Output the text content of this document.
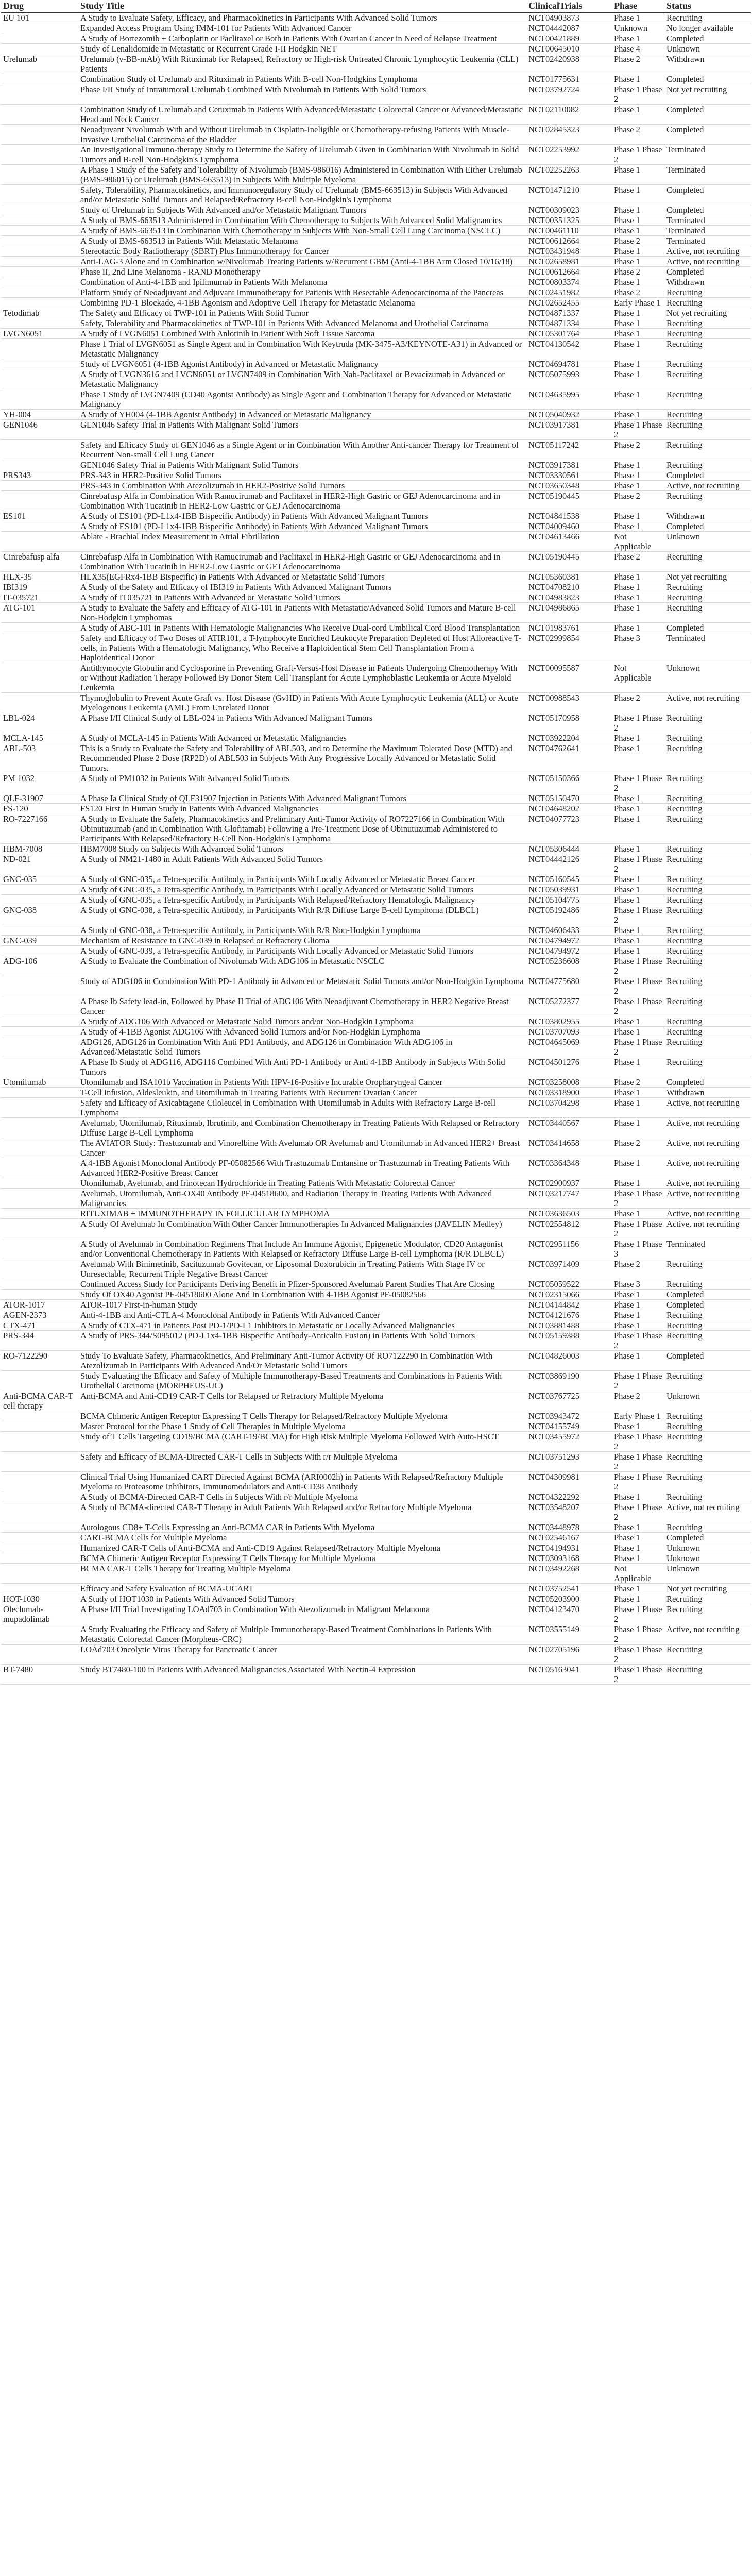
Drug	Study Title	ClinicalTrials	Phase	Status
EU 101	A Study to Evaluate Safety, Efficacy, and Pharmacokinetics in Participants With Advanced Solid Tumors	NCT04903873	Phase 1	Recruiting
	Expanded Access Program Using IMM-101 for Patients With Advanced Cancer	NCT04442087	Unknown	No longer available
	A Study of Bortezomib + Carboplatin or Paclitaxel or Both in Patients With Ovarian Cancer in Need of Relapse Treatment	NCT00421889	Phase 1	Completed
	Study of Lenalidomide in Metastatic or Recurrent Grade I-II Hodgkin NET	NCT00645010	Phase 4	Unknown
Urelumab	Urelumab (ν-BB-mAb) With Rituximab for Relapsed, Refractory or High-risk Untreated Chronic Lymphocytic Leukemia (CLL) Patients	NCT02420938	Phase 2	Withdrawn
	Combination Study of Urelumab and Rituximab in Patients With B-cell Non-Hodgkins Lymphoma	NCT01775631	Phase 1	Completed
	Phase I/II Study of Intratumoral Urelumab Combined With Nivolumab in Patients With Solid Tumors	NCT03792724	Phase 1 Phase 2	Not yet recruiting
	Combination Study of Urelumab and Cetuximab in Patients With Advanced/Metastatic Colorectal Cancer or Advanced/Metastatic Head and Neck Cancer	NCT02110082	Phase 1	Completed
	Neoadjuvant Nivolumab With and Without Urelumab in Cisplatin-Ineligible or Chemotherapy-refusing Patients With Muscle-Invasive Urothelial Carcinoma of the Bladder	NCT02845323	Phase 2	Completed
	An Investigational Immuno-therapy Study to Determine the Safety of Urelumab Given in Combination With Nivolumab in Solid Tumors and B-cell Non-Hodgkin's Lymphoma	NCT02253992	Phase 1 Phase 2	Terminated
	A Phase 1 Study of the Safety and Tolerability of Nivolumab (BMS-986016) Administered in Combination With Either Urelumab (BMS-986015) or Urelumab (BMS-663513) in Subjects With Multiple Myeloma	NCT02252263	Phase 1	Terminated
	Safety, Tolerability, Pharmacokinetics, and Immunoregulatory Study of Urelumab (BMS-663513) in Subjects With Advanced and/or Metastatic Solid Tumors and Relapsed/Refractory B-cell Non-Hodgkin's Lymphoma	NCT01471210	Phase 1	Completed
	Study of Urelumab in Subjects With Advanced and/or Metastatic Malignant Tumors	NCT00309023	Phase 1	Completed
	A Study of BMS-663513 Administered in Combination With Chemotherapy to Subjects With Advanced Solid Malignancies	NCT00351325	Phase 1	Terminated
	A Study of BMS-663513 in Combination With Chemotherapy in Subjects With Non-Small Cell Lung Carcinoma (NSCLC)	NCT00461110	Phase 1	Terminated
	A Study of BMS-663513 in Patients With Metastatic Melanoma	NCT00612664	Phase 2	Terminated
	Stereotactic Body Radiotherapy (SBRT) Plus Immunotherapy for Cancer	NCT03431948	Phase 1	Active, not recruiting
	Anti-LAG-3 Alone and in Combination w/Nivolumab Treating Patients w/Recurrent GBM (Anti-4-1BB Arm Closed 10/16/18)	NCT02658981	Phase 1	Active, not recruiting
	Phase II, 2nd Line Melanoma - RAND Monotherapy	NCT00612664	Phase 2	Completed
	Combination of Anti-4-1BB and Ipilimumab in Patients With Melanoma	NCT00803374	Phase 1	Withdrawn
	Platform Study of Neoadjuvant and Adjuvant Immunotherapy for Patients With Resectable Adenocarcinoma of the Pancreas	NCT02451982	Phase 2	Recruiting
	Combining PD-1 Blockade, 4-1BB Agonism and Adoptive Cell Therapy for Metastatic Melanoma	NCT02652455	Early Phase 1	Recruiting
Tetodimab	The Safety and Efficacy of TWP-101 in Patients With Solid Tumor	NCT04871337	Phase 1	Not yet recruiting
	Safety, Tolerability and Pharmacokinetics of TWP-101 in Patients With Advanced Melanoma and Urothelial Carcinoma	NCT04871334	Phase 1	Recruiting
LVGN6051	A Study of LVGN6051 Combined With Anlotinib in Patient With Soft Tissue Sarcoma	NCT05301764	Phase 1	Recruiting
	Phase 1 Trial of LVGN6051 as Single Agent and in Combination With Keytruda (MK-3475-A3/KEYNOTE-A31) in Advanced or Metastatic Malignancy	NCT04130542	Phase 1	Recruiting
	Study of LVGN6051 (4-1BB Agonist Antibody) in Advanced or Metastatic Malignancy	NCT04694781	Phase 1	Recruiting
	A Study of LVGN3616 and LVGN6051 or LVGN7409 in Combination With Nab-Paclitaxel or Bevacizumab in Advanced or Metastatic Malignancy	NCT05075993	Phase 1	Recruiting
	Phase 1 Study of LVGN7409 (CD40 Agonist Antibody) as Single Agent and Combination Therapy for Advanced or Metastatic Malignancy	NCT04635995	Phase 1	Recruiting
YH-004	A Study of YH004 (4-1BB Agonist Antibody) in Advanced or Metastatic Malignancy	NCT05040932	Phase 1	Recruiting
GEN1046	GEN1046 Safety Trial in Patients With Malignant Solid Tumors	NCT03917381	Phase 1 Phase 2	Recruiting
	Safety and Efficacy Study of GEN1046 as a Single Agent or in Combination With Another Anti-cancer Therapy for Treatment of Recurrent Non-small Cell Lung Cancer	NCT05117242	Phase 2	Recruiting
	GEN1046 Safety Trial in Patients With Malignant Solid Tumors	NCT03917381	Phase 1	Recruiting
PRS343	PRS-343 in HER2-Positive Solid Tumors	NCT03330561	Phase 1	Completed
	PRS-343 in Combination With Atezolizumab in HER2-Positive Solid Tumors	NCT03650348	Phase 1	Active, not recruiting
	Cinrebafusp Alfa in Combination With Ramucirumab and Paclitaxel in HER2-High Gastric or GEJ Adenocarcinoma and in Combination With Tucatinib in HER2-Low Gastric or GEJ Adenocarcinoma	NCT05190445	Phase 2	Recruiting
ES101	A Study of ES101 (PD-L1x4-1BB Bispecific Antibody) in Patients With Advanced Malignant Tumors	NCT04841538	Phase 1	Withdrawn
	A Study of ES101 (PD-L1x4-1BB Bispecific Antibody) in Patients With Advanced Malignant Tumors	NCT04009460	Phase 1	Completed
	Ablate - Brachial Index Measurement in Atrial Fibrillation	NCT04613466	Not Applicable	Unknown
Cinrebafusp alfa	Cinrebafusp Alfa in Combination With Ramucirumab and Paclitaxel in HER2-High Gastric or GEJ Adenocarcinoma and in Combination With Tucatinib in HER2-Low Gastric or GEJ Adenocarcinoma	NCT05190445	Phase 2	Recruiting
HLX-35	HLX35(EGFRx4-1BB Bispecific) in Patients With Advanced or Metastatic Solid Tumors	NCT05360381	Phase 1	Not yet recruiting
IBI319	A Study of the Safety and Efficacy of IBI319 in Patients With Advanced Malignant Tumors	NCT04708210	Phase 1	Recruiting
IT-035721	A Study of IT035721 in Patients With Advanced or Metastatic Solid Tumors	NCT04983823	Phase 1	Recruiting
ATG-101	A Study to Evaluate the Safety and Efficacy of ATG-101 in Patients With Metastatic/Advanced Solid Tumors and Mature B-cell Non-Hodgkin Lymphomas	NCT04986865	Phase 1	Recruiting
	A Study of ABC-101 in Patients With Hematologic Malignancies Who Receive Dual-cord Umbilical Cord Blood Transplantation	NCT01983761	Phase 1	Completed
	Safety and Efficacy of Two Doses of ATIR101, a T-lymphocyte Enriched Leukocyte Preparation Depleted of Host Alloreactive T-cells, in Patients With a Hematologic Malignancy, Who Receive a Haploidentical Stem Cell Transplantation From a Haploidentical Donor	NCT02999854	Phase 3	Terminated
	Antithymocyte Globulin and Cyclosporine in Preventing Graft-Versus-Host Disease in Patients Undergoing Chemotherapy With or Without Radiation Therapy Followed By Donor Stem Cell Transplant for Acute Lymphoblastic Leukemia or Acute Myeloid Leukemia	NCT00095587	Not Applicable	Unknown
	Thymoglobulin to Prevent Acute Graft vs. Host Disease (GvHD) in Patients With Acute Lymphocytic Leukemia (ALL) or Acute Myelogenous Leukemia (AML) From Unrelated Donor	NCT00988543	Phase 2	Active, not recruiting
LBL-024	A Phase I/II Clinical Study of LBL-024 in Patients With Advanced Malignant Tumors	NCT05170958	Phase 1 Phase 2	Recruiting
MCLA-145	A Study of MCLA-145 in Patients With Advanced or Metastatic Malignancies	NCT03922204	Phase 1	Recruiting
ABL-503	This is a Study to Evaluate the Safety and Tolerability of ABL503, and to Determine the Maximum Tolerated Dose (MTD) and Recommended Phase 2 Dose (RP2D) of ABL503 in Subjects With Any Progressive Locally Advanced or Metastatic Solid Tumors.	NCT04762641	Phase 1	Recruiting
PM 1032	A Study of PM1032 in Patients With Advanced Solid Tumors	NCT05150366	Phase 1 Phase 2	Recruiting
QLF-31907	A Phase Ia Clinical Study of QLF31907 Injection in Patients With Advanced Malignant Tumors	NCT05150470	Phase 1	Recruiting
FS-120	FS120 First in Human Study in Patients With Advanced Malignancies	NCT04648202	Phase 1	Recruiting
RO-7227166	A Study to Evaluate the Safety, Pharmacokinetics and Preliminary Anti-Tumor Activity of RO7227166 in Combination With Obinutuzumab (and in Combination With Glofitamab) Following a Pre-Treatment Dose of Obinutuzumab Administered to Participants With Relapsed/Refractory B-Cell Non-Hodgkin's Lymphoma	NCT04077723	Phase 1	Recruiting
HBM-7008	HBM7008 Study on Subjects With Advanced Solid Tumors	NCT05306444	Phase 1	Recruiting
ND-021	A Study of NM21-1480 in Adult Patients With Advanced Solid Tumors	NCT04442126	Phase 1 Phase 2	Recruiting
GNC-035	A Study of GNC-035, a Tetra-specific Antibody, in Participants With Locally Advanced or Metastatic Breast Cancer	NCT05160545	Phase 1	Recruiting
	A Study of GNC-035, a Tetra-specific Antibody, in Participants With Locally Advanced or Metastatic Solid Tumors	NCT05039931	Phase 1	Recruiting
	A Study of GNC-035, a Tetra-specific Antibody, in Participants With Relapsed/Refractory Hematologic Malignancy	NCT05104775	Phase 1	Recruiting
GNC-038	A Study of GNC-038, a Tetra-specific Antibody, in Participants With R/R Diffuse Large B-cell Lymphoma (DLBCL)	NCT05192486	Phase 1 Phase 2	Recruiting
	A Study of GNC-038, a Tetra-specific Antibody, in Participants With R/R Non-Hodgkin Lymphoma	NCT04606433	Phase 1	Recruiting
GNC-039	Mechanism of Resistance to GNC-039 in Relapsed or Refractory Glioma	NCT04794972	Phase 1	Recruiting
	A Study of GNC-039, a Tetra-specific Antibody, in Participants With Locally Advanced or Metastatic Solid Tumors	NCT04794972	Phase 1	Recruiting
ADG-106	A Study to Evaluate the Combination of Nivolumab With ADG106 in Metastatic NSCLC	NCT05236608	Phase 1 Phase 2	Recruiting
	Study of ADG106 in Combination With PD-1 Antibody in Advanced or Metastatic Solid Tumors and/or Non-Hodgkin Lymphoma	NCT04775680	Phase 1 Phase 2	Recruiting
	A Phase Ib Safety lead-in, Followed by Phase II Trial of ADG106 With Neoadjuvant Chemotherapy in HER2 Negative Breast Cancer	NCT05272377	Phase 1 Phase 2	Recruiting
	A Study of ADG106 With Advanced or Metastatic Solid Tumors and/or Non-Hodgkin Lymphoma	NCT03802955	Phase 1	Recruiting
	A Study of 4-1BB Agonist ADG106 With Advanced Solid Tumors and/or Non-Hodgkin Lymphoma	NCT03707093	Phase 1	Recruiting
	ADG126, ADG126 in Combination With Anti PD1 Antibody, and ADG126 in Combination With ADG106 in Advanced/Metastatic Solid Tumors	NCT04645069	Phase 1 Phase 2	Recruiting
	A Phase Ib Study of ADG116, ADG116 Combined With Anti PD-1 Antibody or Anti 4-1BB Antibody in Subjects With Solid Tumors	NCT04501276	Phase 1	Recruiting
Utomilumab	Utomilumab and ISA101b Vaccination in Patients With HPV-16-Positive Incurable Oropharyngeal Cancer	NCT03258008	Phase 2	Completed
	T-Cell Infusion, Aldesleukin, and Utomilumab in Treating Patients With Recurrent Ovarian Cancer	NCT03318900	Phase 1	Withdrawn
	Safety and Efficacy of Axicabtagene Ciloleucel in Combination With Utomilumab in Adults With Refractory Large B-cell Lymphoma	NCT03704298	Phase 1	Active, not recruiting
	Avelumab, Utomilumab, Rituximab, Ibrutinib, and Combination Chemotherapy in Treating Patients With Relapsed or Refractory Diffuse Large B-Cell Lymphoma	NCT03440567	Phase 1	Active, not recruiting
	The AVIATOR Study: Trastuzumab and Vinorelbine With Avelumab OR Avelumab and Utomilumab in Advanced HER2+ Breast Cancer	NCT03414658	Phase 2	Active, not recruiting
	A 4-1BB Agonist Monoclonal Antibody PF-05082566 With Trastuzumab Emtansine or Trastuzumab in Treating Patients With Advanced HER2-Positive Breast Cancer	NCT03364348	Phase 1	Active, not recruiting
	Utomilumab, Avelumab, and Irinotecan Hydrochloride in Treating Patients With Metastatic Colorectal Cancer	NCT02900937	Phase 1	Active, not recruiting
	Avelumab, Utomilumab, Anti-OX40 Antibody PF-04518600, and Radiation Therapy in Treating Patients With Advanced Malignancies	NCT03217747	Phase 1 Phase 2	Active, not recruiting
	RITUXIMAB + IMMUNOTHERAPY IN FOLLICULAR LYMPHOMA	NCT03636503	Phase 1	Active, not recruiting
	A Study Of Avelumab In Combination With Other Cancer Immunotherapies In Advanced Malignancies (JAVELIN Medley)	NCT02554812	Phase 1 Phase 2	Active, not recruiting
	A Study of Avelumab in Combination Regimens That Include An Immune Agonist, Epigenetic Modulator, CD20 Antagonist and/or Conventional Chemotherapy in Patients With Relapsed or Refractory Diffuse Large B-cell Lymphoma (R/R DLBCL)	NCT02951156	Phase 1 Phase 3	Terminated
	Avelumab With Binimetinib, Sacituzumab Govitecan, or Liposomal Doxorubicin in Treating Patients With Stage IV or Unresectable, Recurrent Triple Negative Breast Cancer	NCT03971409	Phase 2	Recruiting
	Continued Access Study for Participants Deriving Benefit in Pfizer-Sponsored Avelumab Parent Studies That Are Closing	NCT05059522	Phase 3	Recruiting
	Study Of OX40 Agonist PF-04518600 Alone And In Combination With 4-1BB Agonist PF-05082566	NCT02315066	Phase 1	Completed
ATOR-1017	ATOR-1017 First-in-human Study	NCT04144842	Phase 1	Completed
AGEN-2373	Anti-4-1BB and Anti-CTLA-4 Monoclonal Antibody in Patients With Advanced Cancer	NCT04121676	Phase 1	Recruiting
CTX-471	A Study of CTX-471 in Patients Post PD-1/PD-L1 Inhibitors in Metastatic or Locally Advanced Malignancies	NCT03881488	Phase 1	Recruiting
PRS-344	A Study of PRS-344/S095012 (PD-L1x4-1BB Bispecific Antibody-Anticalin Fusion) in Patients With Solid Tumors	NCT05159388	Phase 1 Phase 2	Recruiting
RO-7122290	Study To Evaluate Safety, Pharmacokinetics, And Preliminary Anti-Tumor Activity Of RO7122290 In Combination With Atezolizumab In Participants With Advanced And/Or Metastatic Solid Tumors	NCT04826003	Phase 1	Completed
	Study Evaluating the Efficacy and Safety of Multiple Immunotherapy-Based Treatments and Combinations in Patients With Urothelial Carcinoma (MORPHEUS-UC)	NCT03869190	Phase 1 Phase 2	Recruiting
Anti-BCMA CAR-T cell therapy	Anti-BCMA and Anti-CD19 CAR-T Cells for Relapsed or Refractory Multiple Myeloma	NCT03767725	Phase 2	Unknown
	BCMA Chimeric Antigen Receptor Expressing T Cells Therapy for Relapsed/Refractory Multiple Myeloma	NCT03943472	Early Phase 1	Recruiting
	Master Protocol for the Phase 1 Study of Cell Therapies in Multiple Myeloma	NCT04155749	Phase 1	Recruiting
	Study of T Cells Targeting CD19/BCMA (CART-19/BCMA) for High Risk Multiple Myeloma Followed With Auto-HSCT	NCT03455972	Phase 1 Phase 2	Recruiting
	Safety and Efficacy of BCMA-Directed CAR-T Cells in Subjects With r/r Multiple Myeloma	NCT03751293	Phase 1 Phase 2	Recruiting
	Clinical Trial Using Humanized CART Directed Against BCMA (ARI0002h) in Patients With Relapsed/Refractory Multiple Myeloma to Proteasome Inhibitors, Immunomodulators and Anti-CD38 Antibody	NCT04309981	Phase 1 Phase 2	Recruiting
	A Study of BCMA-Directed CAR-T Cells in Subjects With r/r Multiple Myeloma	NCT04322292	Phase 1	Recruiting
	A Study of BCMA-directed CAR-T Therapy in Adult Patients With Relapsed and/or Refractory Multiple Myeloma	NCT03548207	Phase 1 Phase 2	Active, not recruiting
	Autologous CD8+ T-Cells Expressing an Anti-BCMA CAR in Patients With Myeloma	NCT03448978	Phase 1	Recruiting
	CART-BCMA Cells for Multiple Myeloma	NCT02546167	Phase 1	Completed
	Humanized CAR-T Cells of Anti-BCMA and Anti-CD19 Against Relapsed/Refractory Multiple Myeloma	NCT04194931	Phase 1	Unknown
	BCMA Chimeric Antigen Receptor Expressing T Cells Therapy for Multiple Myeloma	NCT03093168	Phase 1	Unknown
	BCMA CAR-T Cells Therapy for Treating Multiple Myeloma	NCT03492268	Not Applicable	Unknown
	Efficacy and Safety Evaluation of BCMA-UCART	NCT03752541	Phase 1	Not yet recruiting
HOT-1030	A Study of HOT1030 in Patients With Advanced Solid Tumors	NCT05203900	Phase 1	Recruiting
Oleclumab-mupadolimab	A Phase I/II Trial Investigating LOAd703 in Combination With Atezolizumab in Malignant Melanoma	NCT04123470	Phase 1 Phase 2	Recruiting
	A Study Evaluating the Efficacy and Safety of Multiple Immunotherapy-Based Treatment Combinations in Patients With Metastatic Colorectal Cancer (Morpheus-CRC)	NCT03555149	Phase 1 Phase 2	Active, not recruiting
	LOAd703 Oncolytic Virus Therapy for Pancreatic Cancer	NCT02705196	Phase 1 Phase 2	Recruiting
BT-7480	Study BT7480-100 in Patients With Advanced Malignancies Associated With Nectin-4 Expression	NCT05163041	Phase 1 Phase 2	Recruiting
